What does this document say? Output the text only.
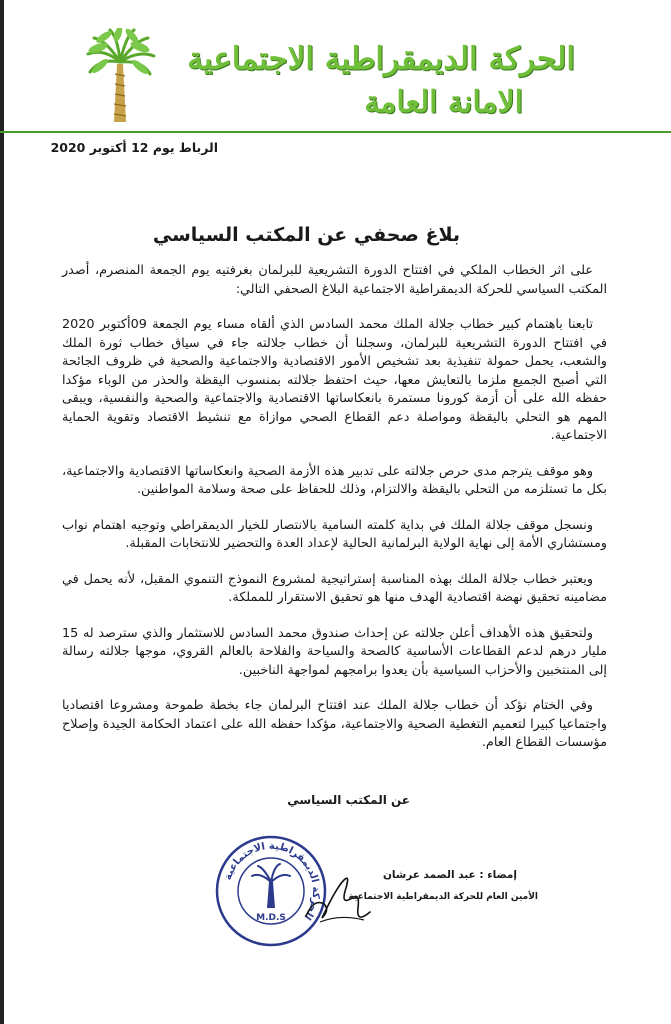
الحركة الديمقراطية الاجتماعية
الامانة العامة
الرباط يوم 12 أكتوبر 2020
بلاغ صحفي عن المكتب السياسي

على اثر الخطاب الملكي في افتتاح الدورة التشريعية للبرلمان بغرفتيه يوم الجمعة المنصرم، أصدر المكتب السياسي للحركة الديمقراطية الاجتماعية البلاغ الصحفي التالي:

تابعنا باهتمام كبير خطاب جلالة الملك محمد السادس الذي ألقاه مساء يوم الجمعة 09أكتوبر 2020 في افتتاح الدورة التشريعية للبرلمان، وسجلنا أن خطاب جلالته جاء في سياق خطاب ثورة الملك والشعب، يحمل حمولة تنفيذية بعد تشخيص الأمور الاقتصادية والاجتماعية والصحية في ظروف الجائحة التي أصبح الجميع ملزما بالتعايش معها، حيث احتفظ جلالته بمنسوب اليقظة والحذر من الوباء مؤكدا حفظه الله على أن أزمة كورونا مستمرة بانعكاساتها الاقتصادية والاجتماعية والصحية والنفسية، ويبقى المهم هو التحلي باليقظة ومواصلة دعم القطاع الصحي موازاة مع تنشيط الاقتصاد وتقوية الحماية الاجتماعية.

وهو موقف يترجم مدى حرص جلالته على تدبير هذه الأزمة الصحية وانعكاساتها الاقتصادية والاجتماعية، بكل ما تستلزمه من التحلي باليقظة والالتزام، وذلك للحفاظ على صحة وسلامة المواطنين.

ونسجل موقف جلالة الملك في بداية كلمته السامية بالانتصار للخيار الديمقراطي وتوجيه اهتمام نواب ومستشاري الأمة إلى نهاية الولاية البرلمانية الحالية لإعداد العدة والتحضير للانتخابات المقبلة.

ويعتبر خطاب جلالة الملك بهذه المناسبة إستراتيجية لمشروع النموذج التنموي المقبل، لأنه يحمل في مضامينه تحقيق نهضة اقتصادية الهدف منها هو تحقيق الاستقرار للمملكة.

ولتحقيق هذه الأهداف أعلن جلالته عن إحداث صندوق محمد السادس للاستثمار والذي سترصد له 15 مليار درهم لدعم القطاعات الأساسية كالصحة والسياحة والفلاحة بالعالم القروي، موجها جلالته رسالة إلى المنتخبين والأحزاب السياسية بأن يعدوا برامجهم لمواجهة الناخبين.

وفي الختام نؤكد أن خطاب جلالة الملك عند افتتاح البرلمان جاء بخطة طموحة ومشروعا اقتصاديا واجتماعيا كبيرا لتعميم التغطية الصحية والاجتماعية، مؤكدا حفظه الله على اعتماد الحكامة الجيدة وإصلاح مؤسسات القطاع العام.

عن المكتب السياسي
الحركة الديمقراطية الاجتماعية
M.D.S
إمضاء : عبد الصمد عرشان
الأمين العام للحركة الديمقراطية الاجتماعية
